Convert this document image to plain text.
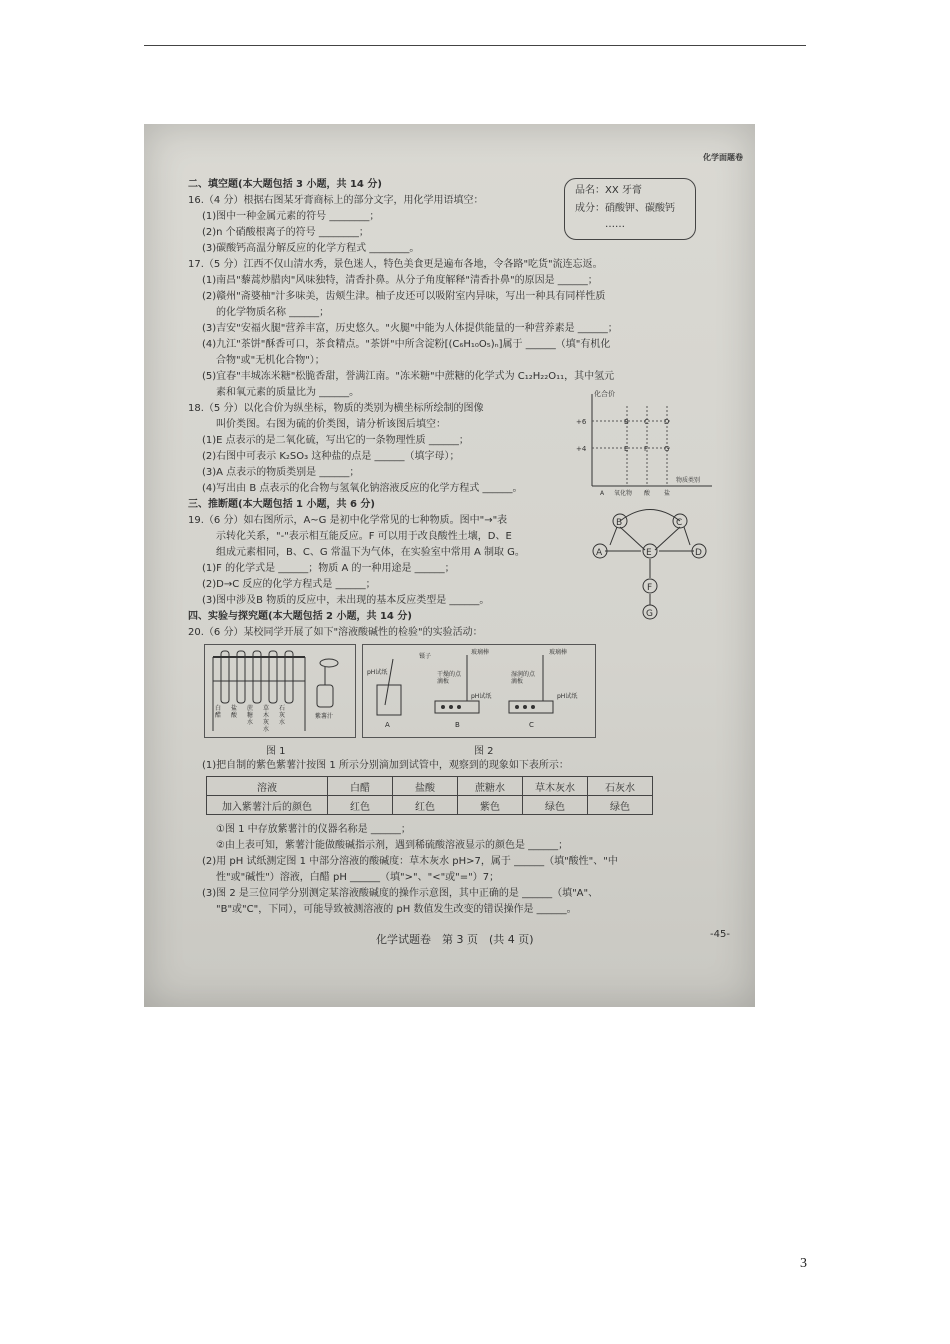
化学面题卷
二、填空题(本大题包括 3 小题，共 14 分)
16.（4 分）根据右图某牙膏商标上的部分文字，用化学用语填空：
(1)图中一种金属元素的符号 ________；
(2)n 个硝酸根离子的符号 ________；
(3)碳酸钙高温分解反应的化学方程式 ________。
17.（5 分）江西不仅山清水秀，景色迷人，特色美食更是遍布各地，令各路"吃货"流连忘返。
(1)南昌"藜蒿炒腊肉"风味独特，清香扑鼻。从分子角度解释"清香扑鼻"的原因是 ______；
(2)赣州"斋婆柚"汁多味美，齿颊生津。柚子皮还可以吸附室内异味，写出一种具有同样性质
的化学物质名称 ______；
(3)吉安"安福火腿"营养丰富，历史悠久。"火腿"中能为人体提供能量的一种营养素是 ______；
(4)九江"茶饼"酥香可口，茶食精点。"茶饼"中所含淀粉[(C₆H₁₀O₅)ₙ]属于 ______（填"有机化
合物"或"无机化合物"）；
(5)宜春"丰城冻米糖"松脆香甜，誉满江南。"冻米糖"中蔗糖的化学式为 C₁₂H₂₂O₁₁，其中氢元
素和氧元素的质量比为 ______。
18.（5 分）以化合价为纵坐标，物质的类别为横坐标所绘制的图像
叫价类图。右图为硫的价类图，请分析该图后填空：
(1)E 点表示的是二氧化硫，写出它的一条物理性质 ______；
(2)右图中可表示 K₂SO₃ 这种盐的点是 ______（填字母）；
(3)A 点表示的物质类别是 ______；
(4)写出由 B 点表示的化合物与氢氧化钠溶液反应的化学方程式 ______。
三、推断题(本大题包括 1 小题，共 6 分)
19.（6 分）如右图所示，A~G 是初中化学常见的七种物质。图中"→"表
示转化关系，"-"表示相互能反应。F 可以用于改良酸性土壤，D、E
组成元素相同，B、C、G 常温下为气体，在实验室中常用 A 制取 G。
(1)F 的化学式是 ______；物质 A 的一种用途是 ______；
(2)D→C 反应的化学方程式是 ______；
(3)图中涉及B 物质的反应中，未出现的基本反应类型是 ______。
四、实验与探究题(本大题包括 2 小题，共 14 分)
20.（6 分）某校同学开展了如下"溶液酸碱性的检验"的实验活动：
品名：XX 牙膏
成分：硝酸钾、碳酸钙
……
化合价
+6
+4
B C D
E F G
物质类别
A 氧化物 酸 盐
B	C
A	E	D
F
G
白醋
盐酸
蔗糖水
草木灰水
石灰水
紫薯汁
图 1
pH试纸
镊子
玻璃棒	玻璃棒
干燥的点滴板
湿润的点滴板
pH试纸	pH试纸
A	B	C
图 2
溶液	白醋	盐酸	蔗糖水	草木灰水	石灰水
加入紫薯汁后的颜色	红色	红色	紫色	绿色	绿色
(1)把自制的紫色紫薯汁按图 1 所示分别滴加到试管中，观察到的现象如下表所示：
①图 1 中存放紫薯汁的仪器名称是 ______；
②由上表可知，紫薯汁能做酸碱指示剂，遇到稀硫酸溶液显示的颜色是 ______；
(2)用 pH 试纸测定图 1 中部分溶液的酸碱度：草木灰水 pH>7，属于 ______（填"酸性"、"中
性"或"碱性"）溶液，白醋 pH ______（填">"、"<"或"="）7；
(3)图 2 是三位同学分别测定某溶液酸碱度的操作示意图，其中正确的是 ______（填"A"、
"B"或"C"，下同），可能导致被测溶液的 pH 数值发生改变的错误操作是 ______。
化学试题卷　第 3 页　(共 4 页)	-45-
3
